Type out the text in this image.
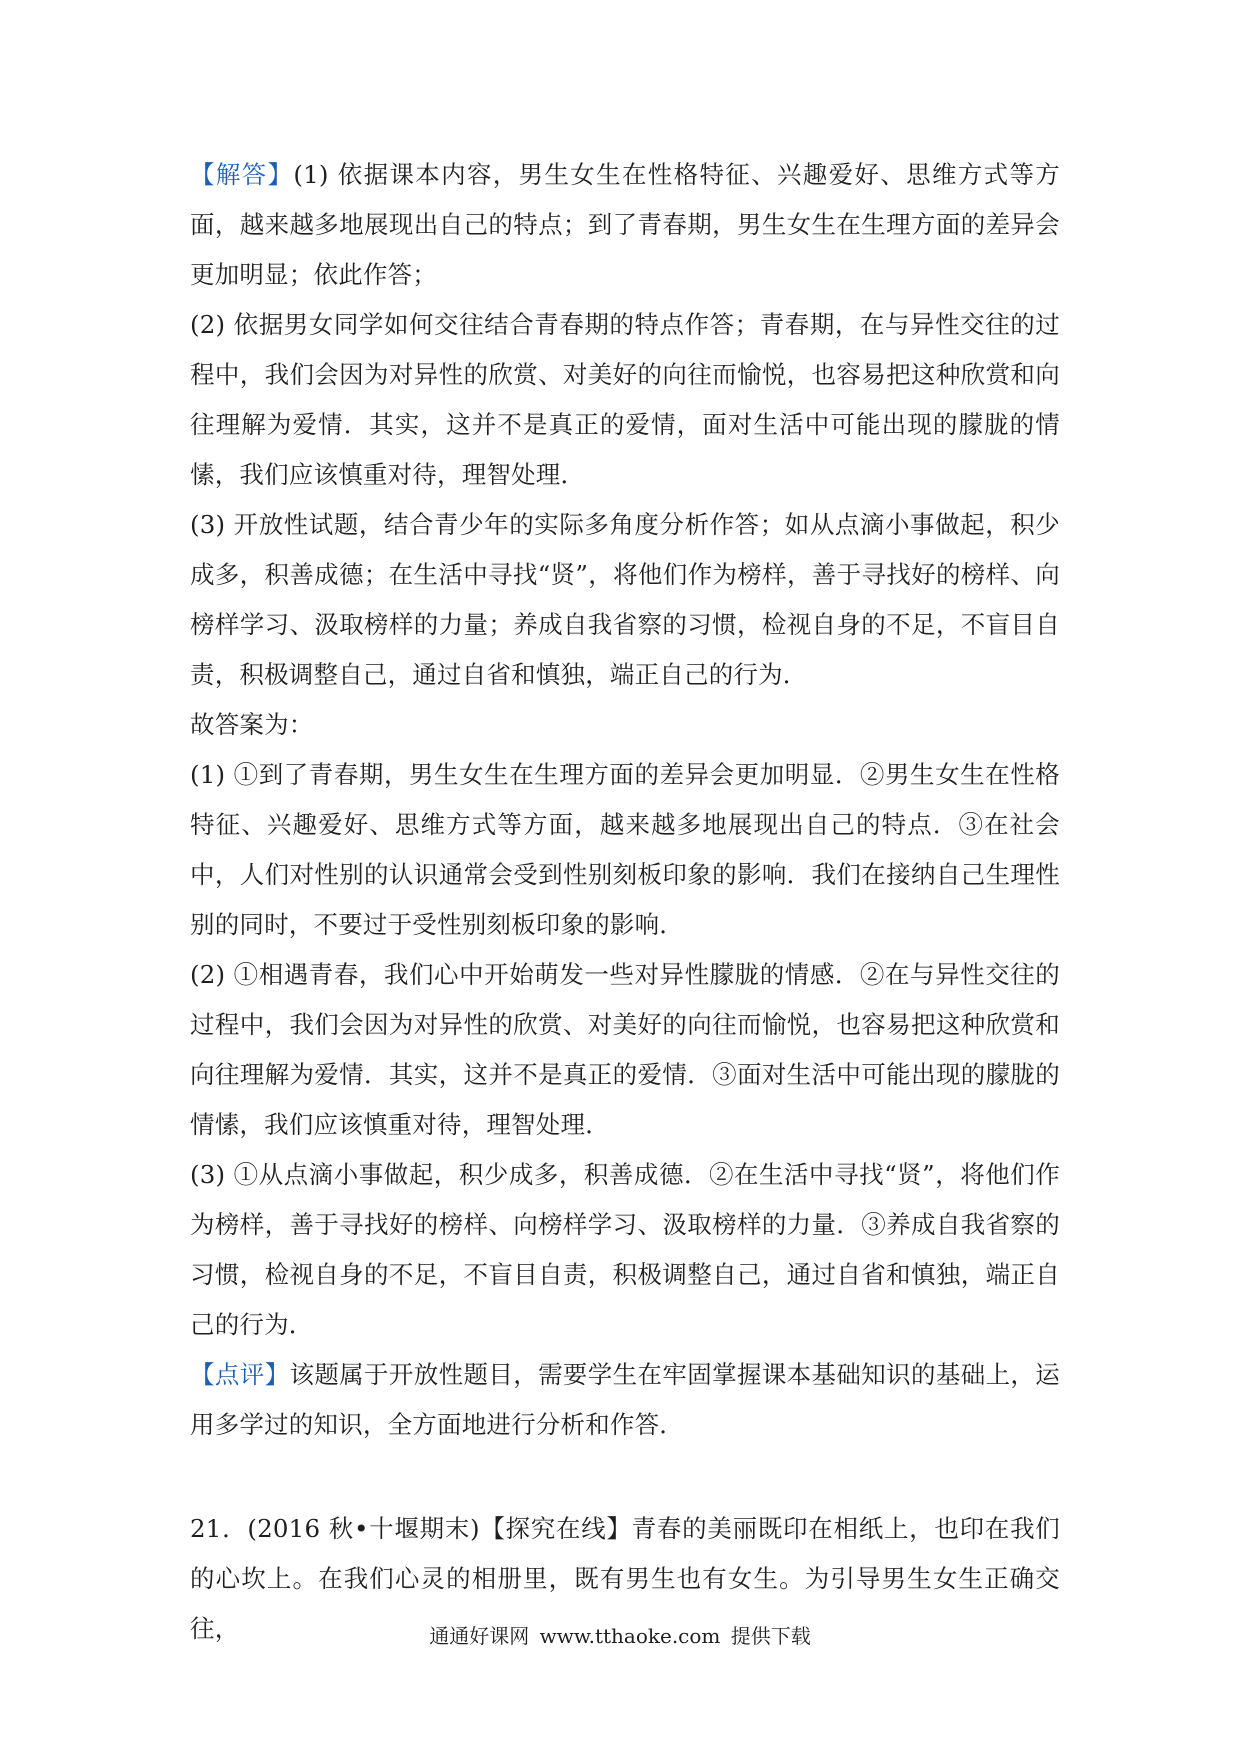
【解答】(1) 依据课本内容，男生女生在性格特征、兴趣爱好、思维方式等方面，越来越多地展现出自己的特点；到了青春期，男生女生在生理方面的差异会更加明显；依此作答；

(2) 依据男女同学如何交往结合青春期的特点作答；青春期，在与异性交往的过程中，我们会因为对异性的欣赏、对美好的向往而愉悦，也容易把这种欣赏和向往理解为爱情．其实，这并不是真正的爱情，面对生活中可能出现的朦胧的情愫，我们应该慎重对待，理智处理．

(3) 开放性试题，结合青少年的实际多角度分析作答；如从点滴小事做起，积少成多，积善成德；在生活中寻找“贤”，将他们作为榜样，善于寻找好的榜样、向榜样学习、汲取榜样的力量；养成自我省察的习惯，检视自身的不足，不盲目自责，积极调整自己，通过自省和慎独，端正自己的行为．

故答案为：

(1) ①到了青春期，男生女生在生理方面的差异会更加明显．②男生女生在性格特征、兴趣爱好、思维方式等方面，越来越多地展现出自己的特点．③在社会中，人们对性别的认识通常会受到性别刻板印象的影响．我们在接纳自己生理性别的同时，不要过于受性别刻板印象的影响．

(2) ①相遇青春，我们心中开始萌发一些对异性朦胧的情感．②在与异性交往的过程中，我们会因为对异性的欣赏、对美好的向往而愉悦，也容易把这种欣赏和向往理解为爱情．其实，这并不是真正的爱情．③面对生活中可能出现的朦胧的情愫，我们应该慎重对待，理智处理．

(3) ①从点滴小事做起，积少成多，积善成德．②在生活中寻找“贤”，将他们作为榜样，善于寻找好的榜样、向榜样学习、汲取榜样的力量．③养成自我省察的习惯，检视自身的不足，不盲目自责，积极调整自己，通过自省和慎独，端正自己的行为．

【点评】该题属于开放性题目，需要学生在牢固掌握课本基础知识的基础上，运用多学过的知识，全方面地进行分析和作答．

21．(2016 秋•十堰期末)【探究在线】青春的美丽既印在相纸上，也印在我们的心坎上。在我们心灵的相册里，既有男生也有女生。为引导男生女生正确交往，	通通好课网 www.tthaoke.com 提供下载
